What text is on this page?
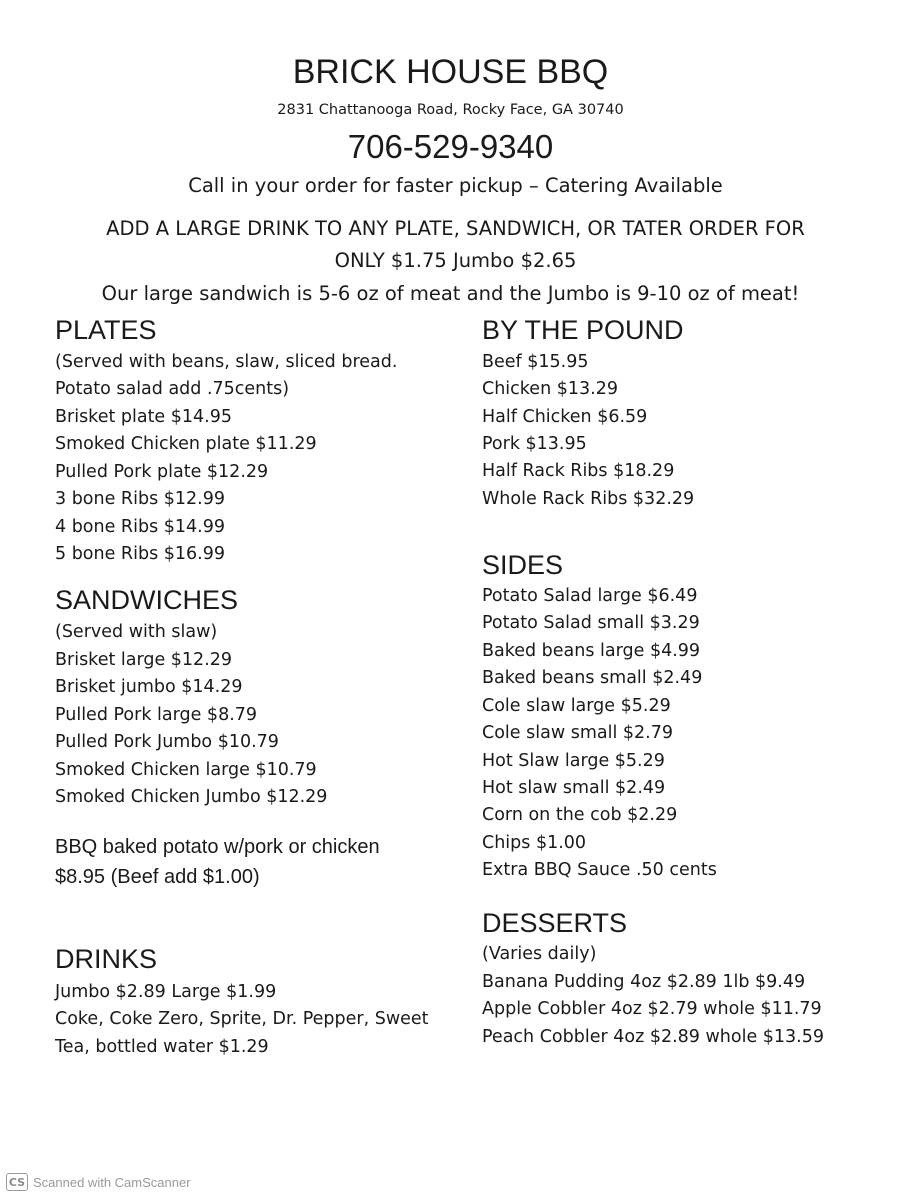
BRICK HOUSE BBQ
2831 Chattanooga Road, Rocky Face, GA 30740
706-529-9340
Call in your order for faster pickup – Catering Available
ADD A LARGE DRINK TO ANY PLATE, SANDWICH, OR TATER ORDER FOR
ONLY $1.75 Jumbo $2.65
Our large sandwich is 5-6 oz of meat and the Jumbo is 9-10 oz of meat!
PLATES
(Served with beans, slaw, sliced bread.
Potato salad add .75cents)
Brisket plate $14.95
Smoked Chicken plate $11.29
Pulled Pork plate $12.29
3 bone Ribs $12.99
4 bone Ribs $14.99
5 bone Ribs $16.99
SANDWICHES
(Served with slaw)
Brisket large $12.29
Brisket jumbo $14.29
Pulled Pork large $8.79
Pulled Pork Jumbo $10.79
Smoked Chicken large $10.79
Smoked Chicken Jumbo $12.29
BBQ baked potato w/pork or chicken
$8.95 (Beef add $1.00)
DRINKS
Jumbo $2.89 Large $1.99
Coke, Coke Zero, Sprite, Dr. Pepper, Sweet
Tea, bottled water $1.29
BY THE POUND
Beef $15.95
Chicken $13.29
Half Chicken $6.59
Pork $13.95
Half Rack Ribs $18.29
Whole Rack Ribs $32.29
SIDES
Potato Salad large $6.49
Potato Salad small $3.29
Baked beans large $4.99
Baked beans small $2.49
Cole slaw large $5.29
Cole slaw small $2.79
Hot Slaw large $5.29
Hot slaw small $2.49
Corn on the cob $2.29
Chips $1.00
Extra BBQ Sauce .50 cents
DESSERTS
(Varies daily)
Banana Pudding 4oz $2.89 1lb $9.49
Apple Cobbler 4oz $2.79 whole $11.79
Peach Cobbler 4oz $2.89 whole $13.59
CS Scanned with CamScanner
